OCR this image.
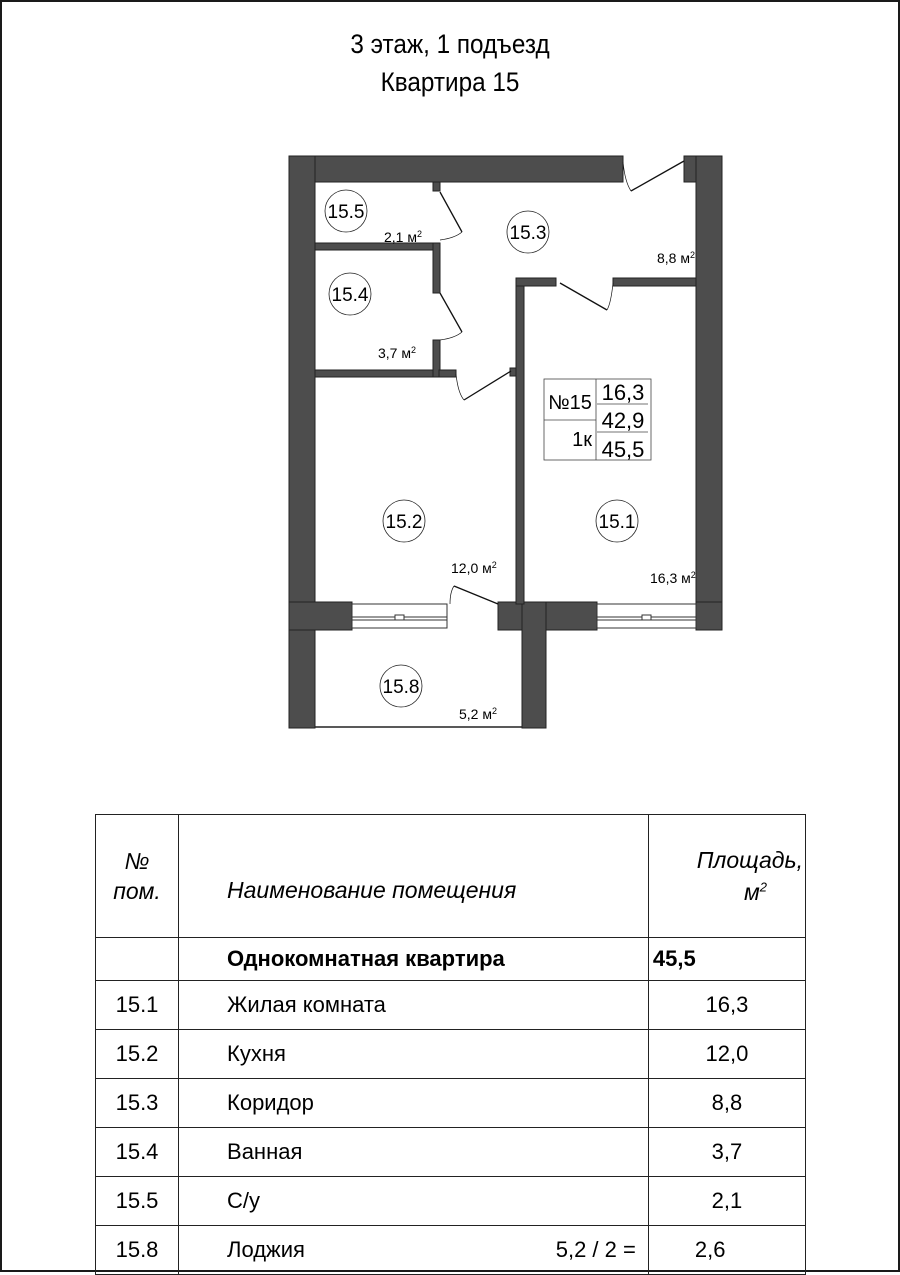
3 этаж, 1 подъезд
Квартира 15
15.5
15.3
15.4
15.2	15.1
15.8
2,1 $м^2$
8,8 $м^2$
3,7 $м^2$
12,0 $м^2$
16,3 $м^2$
5,2 $м^2$
№15
1к
16,3
42,9
45,5
№
пом.	Наименование помещения	Площадь,
$м^2$
	Однокомнатная квартира	45,5
15.1	Жилая комната	16,3
15.2	Кухня	12,0
15.3	Коридор	8,8
15.4	Ванная	3,7
15.5	С/у	2,1
15.8	Лоджия 5,2 / 2 =	2,6
